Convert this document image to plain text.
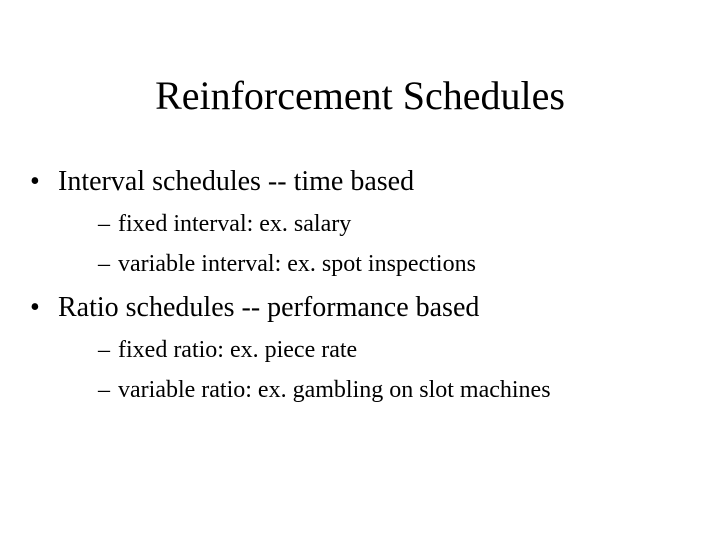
Reinforcement Schedules
• Interval schedules -- time based
– fixed interval: ex. salary
– variable interval: ex. spot inspections
• Ratio schedules -- performance based
– fixed ratio: ex. piece rate
– variable ratio: ex. gambling on slot machines
